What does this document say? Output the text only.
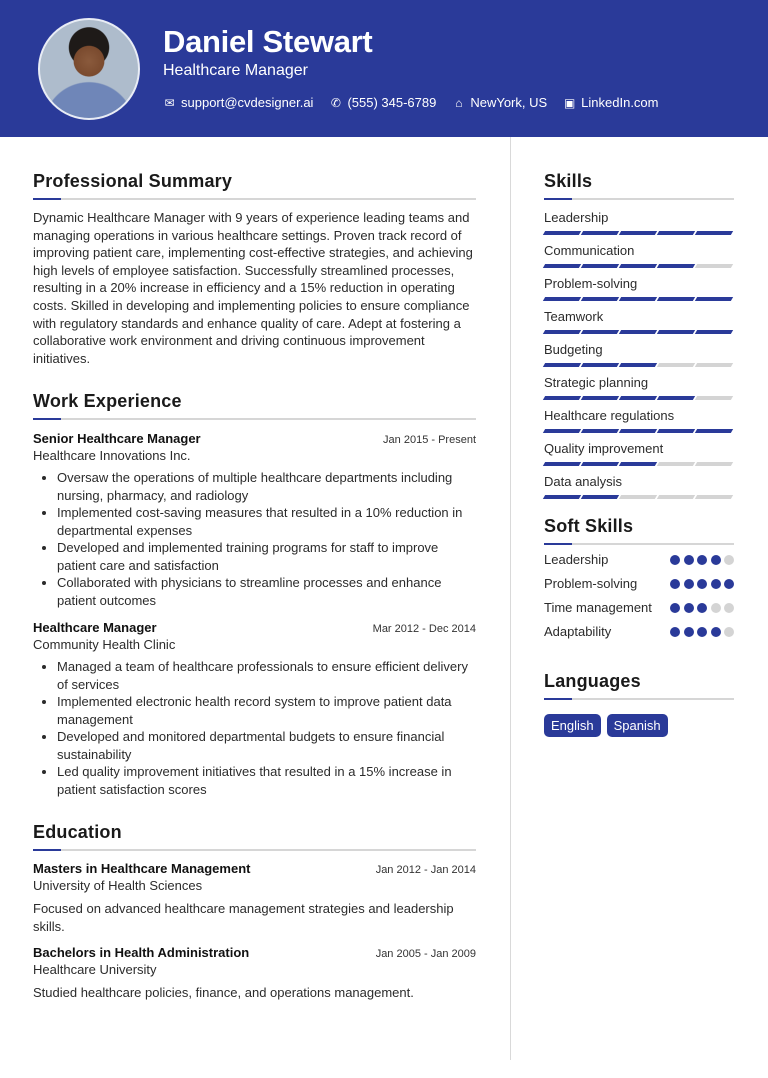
Daniel Stewart
Healthcare Manager
✉ support@cvdesigner.ai ✆ (555) 345-6789 ⌂ NewYork, US ▣ LinkedIn.com
Professional Summary

Dynamic Healthcare Manager with 9 years of experience leading teams and managing operations in various healthcare settings. Proven track record of improving patient care, implementing cost-effective strategies, and achieving high levels of employee satisfaction. Successfully streamlined processes, resulting in a 20% increase in efficiency and a 15% reduction in operating costs. Skilled in developing and implementing policies to ensure compliance with regulatory standards and enhance quality of care. Adept at fostering a collaborative work environment and driving continuous improvement initiatives.

Work Experience
Senior Healthcare Manager	Jan 2015 - Present
Healthcare Innovations Inc.
• Oversaw the operations of multiple healthcare departments including nursing, pharmacy, and radiology
• Implemented cost-saving measures that resulted in a 10% reduction in departmental expenses
• Developed and implemented training programs for staff to improve patient care and satisfaction
• Collaborated with physicians to streamline processes and enhance patient outcomes
Healthcare Manager	Mar 2012 - Dec 2014
Community Health Clinic
• Managed a team of healthcare professionals to ensure efficient delivery of services
• Implemented electronic health record system to improve patient data management
• Developed and monitored departmental budgets to ensure financial sustainability
• Led quality improvement initiatives that resulted in a 15% increase in patient satisfaction scores
Education
Masters in Healthcare Management	Jan 2012 - Jan 2014
University of Health Sciences

Focused on advanced healthcare management strategies and leadership skills.

Bachelors in Health Administration	Jan 2005 - Jan 2009
Healthcare University

Studied healthcare policies, finance, and operations management.

Skills
Leadership
Communication
Problem-solving
Teamwork
Budgeting
Strategic planning
Healthcare regulations
Quality improvement
Data analysis
Soft Skills
Leadership
Problem-solving
Time management
Adaptability
Languages
English	Spanish
